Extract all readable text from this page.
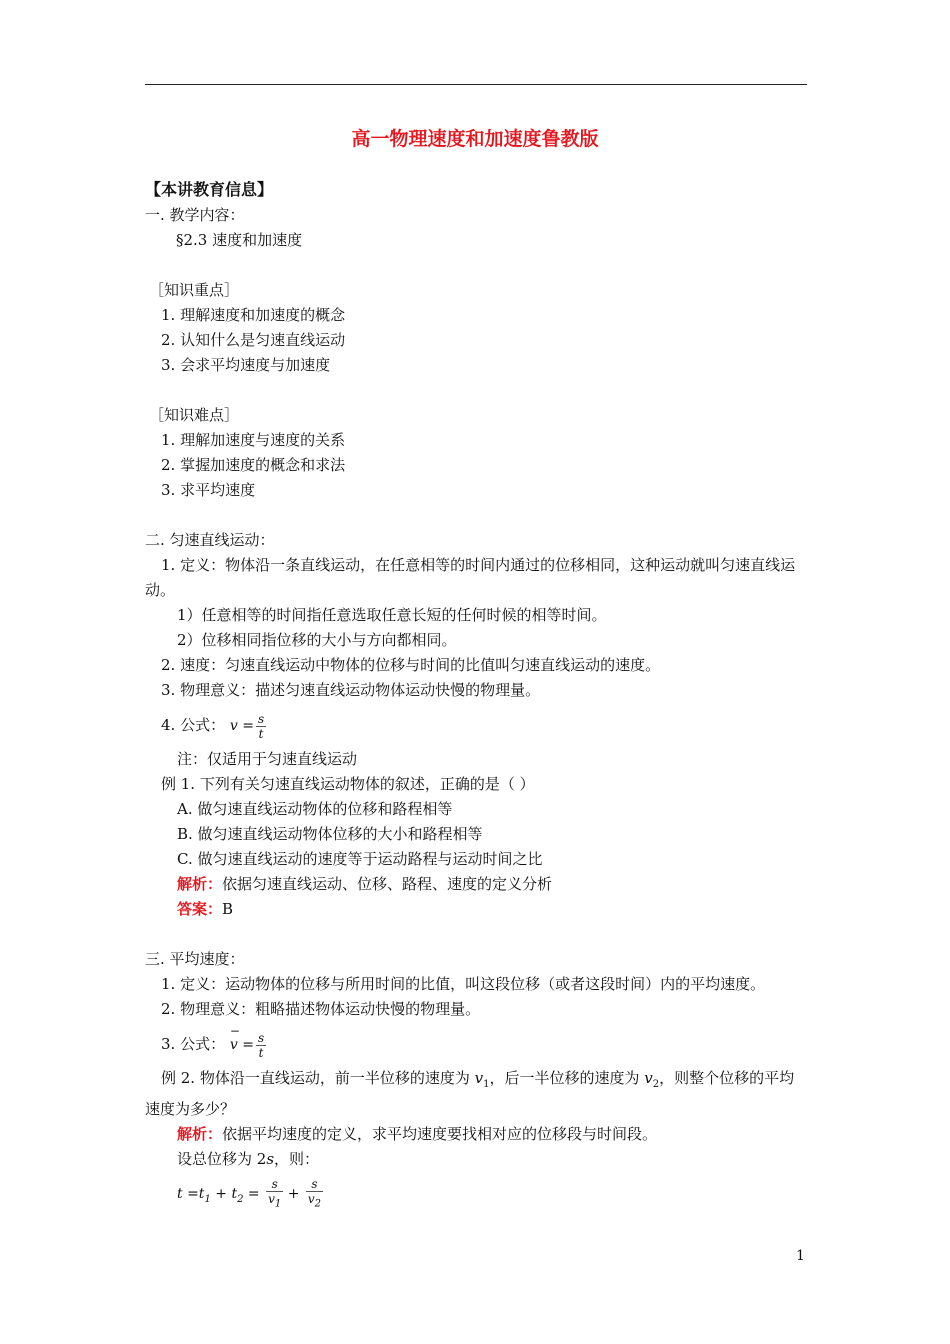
高一物理速度和加速度鲁教版
【本讲教育信息】
一. 教学内容：
§2.3 速度和加速度
［知识重点］
1. 理解速度和加速度的概念
2. 认知什么是匀速直线运动
3. 会求平均速度与加速度
［知识难点］
1. 理解加速度与速度的关系
2. 掌握加速度的概念和求法
3. 求平均速度
二. 匀速直线运动：
1. 定义：物体沿一条直线运动，在任意相等的时间内通过的位移相同，这种运动就叫匀速直线运动。
1）任意相等的时间指任意选取任意长短的任何时候的相等时间。
2）位移相同指位移的大小与方向都相同。
2. 速度：匀速直线运动中物体的位移与时间的比值叫匀速直线运动的速度。
3. 物理意义：描述匀速直线运动物体运动快慢的物理量。
4. 公式： $v = \frac{s}{t}$
注：仅适用于匀速直线运动
例 1. 下列有关匀速直线运动物体的叙述，正确的是（ ）
A. 做匀速直线运动物体的位移和路程相等
B. 做匀速直线运动物体位移的大小和路程相等
C. 做匀速直线运动的速度等于运动路程与运动时间之比
解析：依据匀速直线运动、位移、路程、速度的定义分析
答案：B
三. 平均速度：
1. 定义：运动物体的位移与所用时间的比值，叫这段位移（或者这段时间）内的平均速度。
2. 物理意义：粗略描述物体运动快慢的物理量。
3. 公式： − $v = \frac{s}{t}$
例 2. 物体沿一直线运动，前一半位移的速度为 $v_1$，后一半位移的速度为 $v_2$，则整个位移的平均速度为多少？
解析：依据平均速度的定义，求平均速度要找相对应的位移段与时间段。
设总位移为 2s，则：
$t =t_1 + t_2 = \frac{s}{v_1} + \frac{s}{v_2}$
1
